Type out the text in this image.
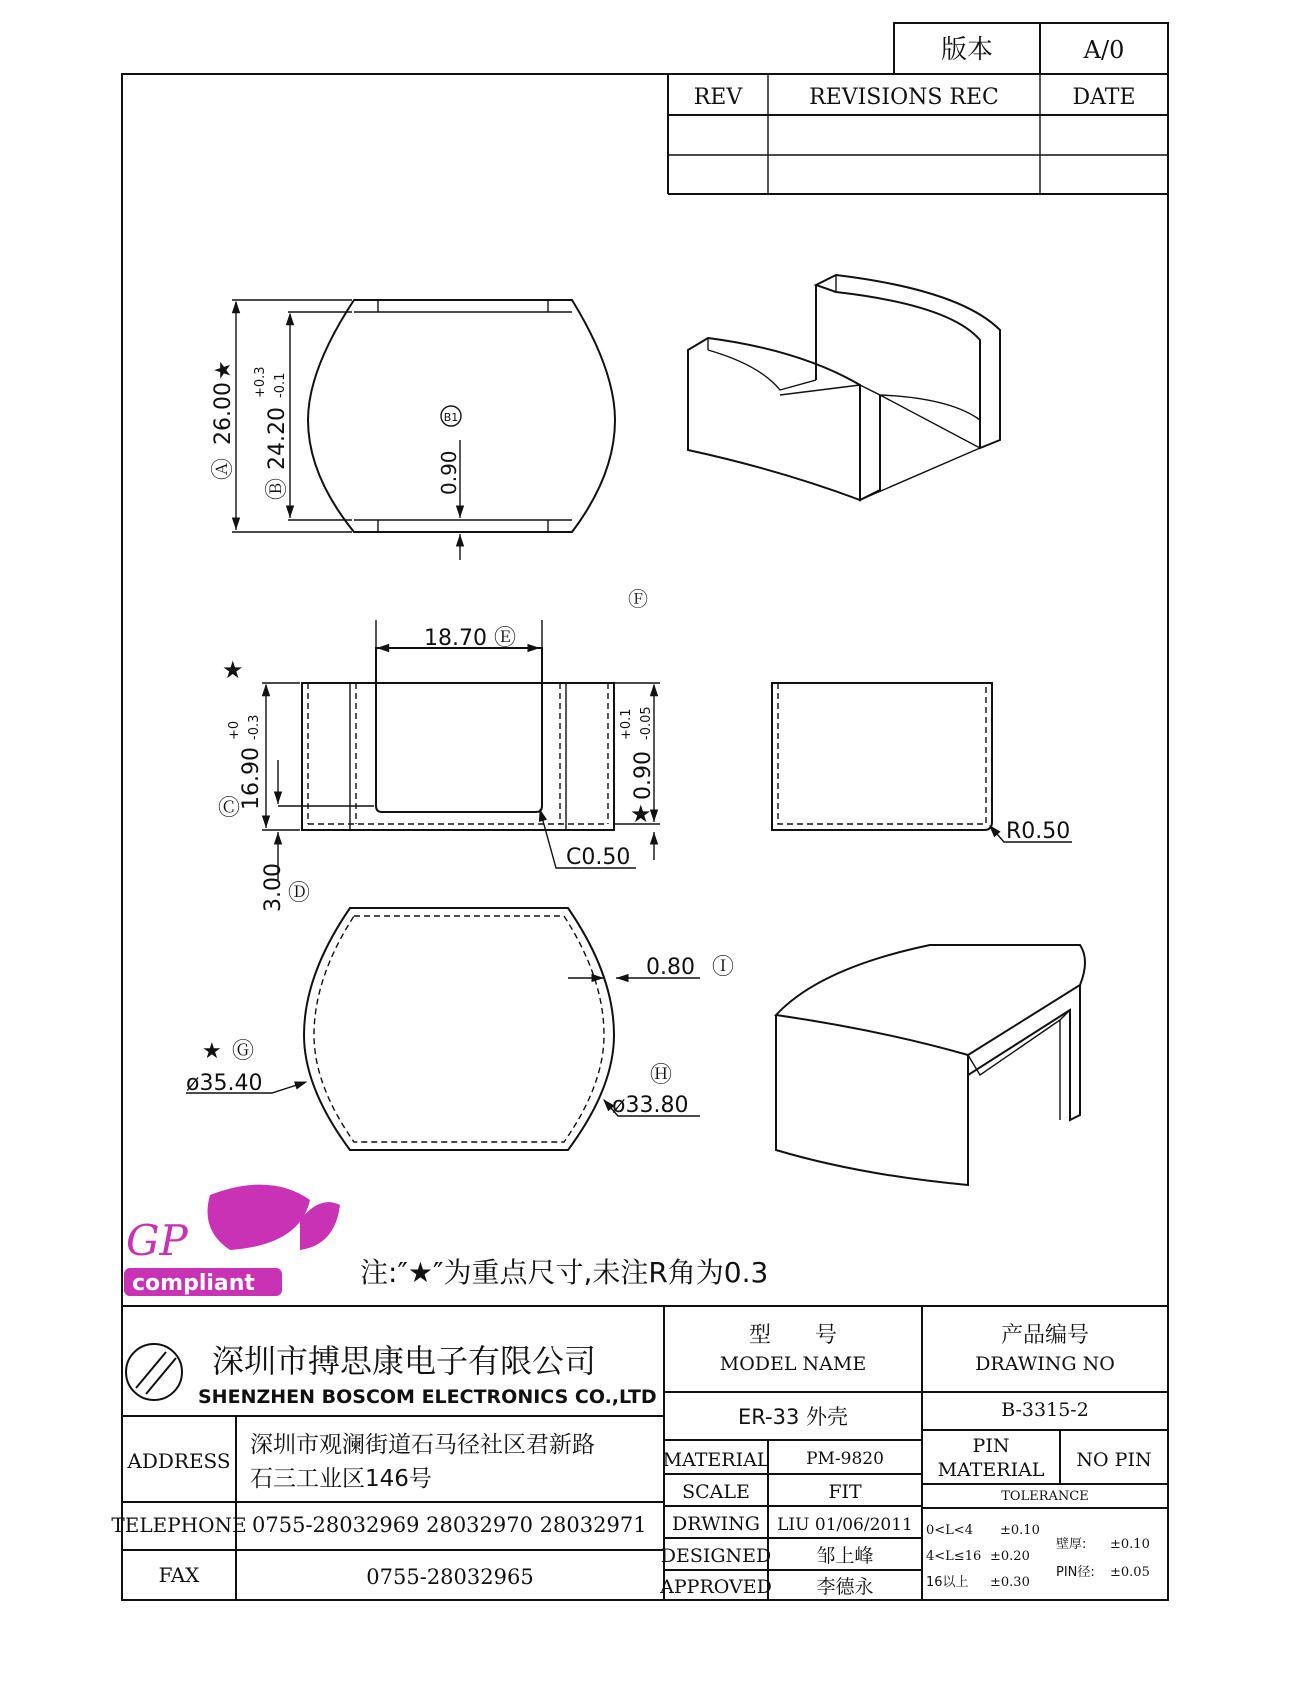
版本	A/0
REV	REVISIONS REC	DATE
26.00
★
Ⓐ 24.20
+0.3 -0.1
Ⓑ	0.90
B1
Ⓕ
18.70 Ⓔ
16.90
+0 -0.3
Ⓒ
★
3.00 Ⓓ
0.90
+0.1 -0.05
★
C0.50
R0.50
0.80 Ⓘ
ø35.40
★ Ⓖ
ø33.80
Ⓗ
GP
compliant	注:″★″为重点尺寸,未注R角为0.3
深圳市搏思康电子有限公司
SHENZHEN BOSCOM ELECTRONICS CO.,LTD
ADDRESS
深圳市观澜街道石马径社区君新路
石三工业区146号
TELEPHONE 0755-28032969 28032970 28032971
FAX	0755-28032965
型　　号
MODEL NAME
ER-33 外壳
产品编号
DRAWING NO
B-3315-2
MATERIAL PM-9820
SCALE	FIT
DRWING LIU 01/06/2011
DESIGNED 邹上峰
APPROVED 李德永
PIN
MATERIAL NO PIN
TOLERANCE
0<L<4 ±0.10
4<L≤16 ±0.20
16以上 ±0.30
壁厚: ±0.10
PIN径: ±0.05
